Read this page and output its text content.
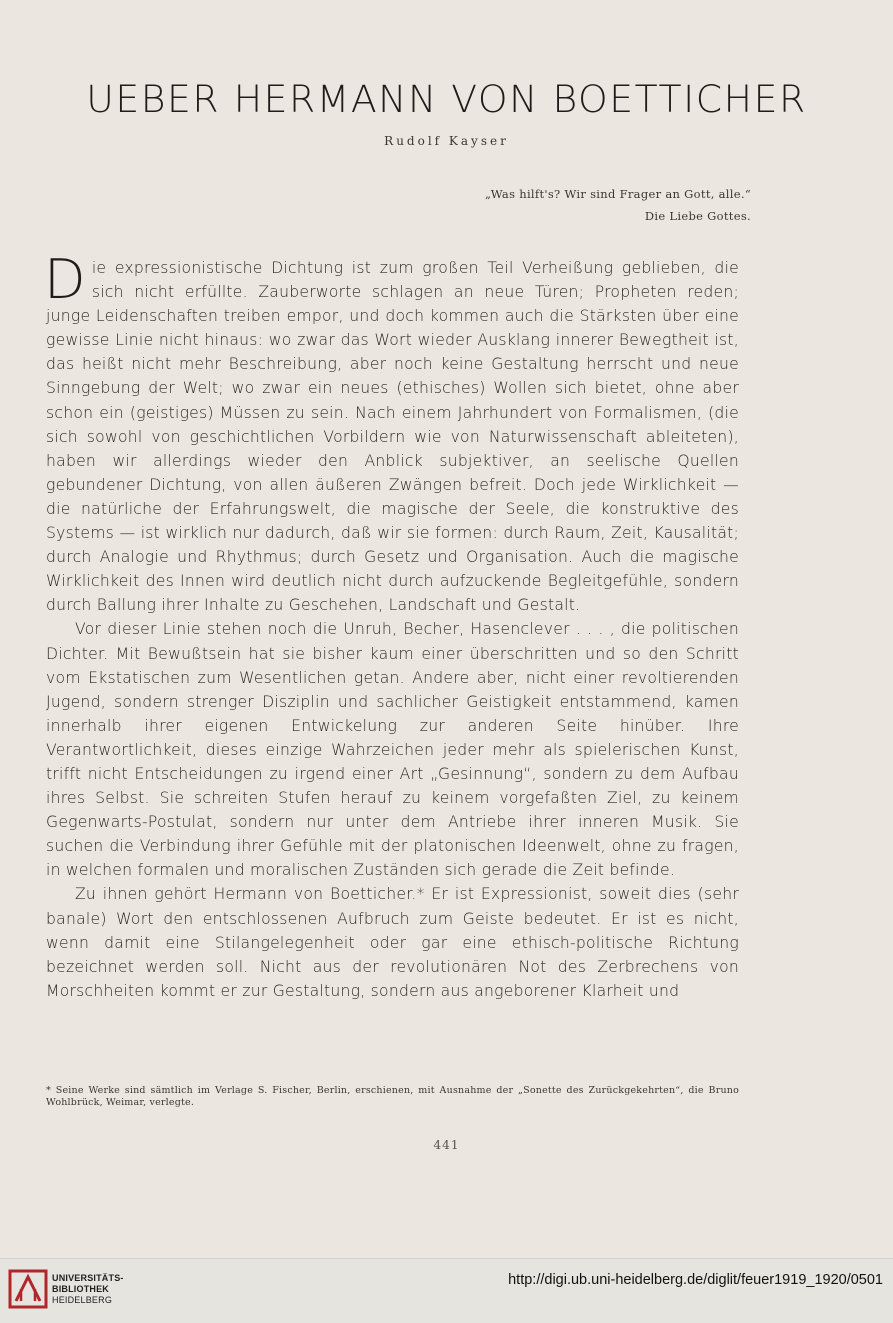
UEBER HERMANN VON BOETTICHER
Rudolf Kayser
„Was hilft's? Wir sind Frager an Gott, alle.“
Die Liebe Gottes.

Die expressionistische Dichtung ist zum großen Teil Verheißung geblieben, die sich nicht erfüllte. Zauberworte schlagen an neue Türen; Propheten reden; junge Leidenschaften treiben empor, und doch kommen auch die Stärksten über eine gewisse Linie nicht hinaus: wo zwar das Wort wieder Ausklang innerer Bewegtheit ist, das heißt nicht mehr Beschreibung, aber noch keine Gestaltung herrscht und neue Sinngebung der Welt; wo zwar ein neues (ethisches) Wollen sich bietet, ohne aber schon ein (geistiges) Müssen zu sein. Nach einem Jahrhundert von Formalismen, (die sich sowohl von geschichtlichen Vorbildern wie von Naturwissenschaft ableiteten), haben wir allerdings wieder den Anblick subjektiver, an seelische Quellen gebundener Dichtung, von allen äußeren Zwängen befreit. Doch jede Wirklichkeit — die natürliche der Erfahrungswelt, die magische der Seele, die konstruktive des Systems — ist wirklich nur dadurch, daß wir sie formen: durch Raum, Zeit, Kausalität; durch Analogie und Rhythmus; durch Gesetz und Organisation. Auch die magische Wirklichkeit des Innen wird deutlich nicht durch aufzuckende Begleitgefühle, sondern durch Ballung ihrer Inhalte zu Geschehen, Landschaft und Gestalt.

Vor dieser Linie stehen noch die Unruh, Becher, Hasenclever . . . , die politischen Dichter. Mit Bewußtsein hat sie bisher kaum einer überschritten und so den Schritt vom Ekstatischen zum Wesentlichen getan. Andere aber, nicht einer revoltierenden Jugend, sondern strenger Disziplin und sachlicher Geistigkeit entstammend, kamen innerhalb ihrer eigenen Entwickelung zur anderen Seite hinüber. Ihre Verantwortlichkeit, dieses einzige Wahrzeichen jeder mehr als spielerischen Kunst, trifft nicht Entscheidungen zu irgend einer Art „Gesinnung“, sondern zu dem Aufbau ihres Selbst. Sie schreiten Stufen herauf zu keinem vorgefaßten Ziel, zu keinem Gegenwarts-Postulat, sondern nur unter dem Antriebe ihrer inneren Musik. Sie suchen die Verbindung ihrer Gefühle mit der platonischen Ideenwelt, ohne zu fragen, in welchen formalen und moralischen Zuständen sich gerade die Zeit befinde.

Zu ihnen gehört Hermann von Boetticher.* Er ist Expressionist, soweit dies (sehr banale) Wort den entschlossenen Aufbruch zum Geiste bedeutet. Er ist es nicht, wenn damit eine Stilangelegenheit oder gar eine ethisch-politische Richtung bezeichnet werden soll. Nicht aus der revolutionären Not des Zerbrechens von Morschheiten kommt er zur Gestaltung, sondern aus angeborener Klarheit und

* Seine Werke sind sämtlich im Verlage S. Fischer, Berlin, erschienen, mit Ausnahme der „Sonette des Zurückgekehrten“, die Bruno Wohlbrück, Weimar, verlegte.
441
UNIVERSITÄTS-
BIBLIOTHEK
HEIDELBERG
http://digi.ub.uni-heidelberg.de/diglit/feuer1919_1920/0501
